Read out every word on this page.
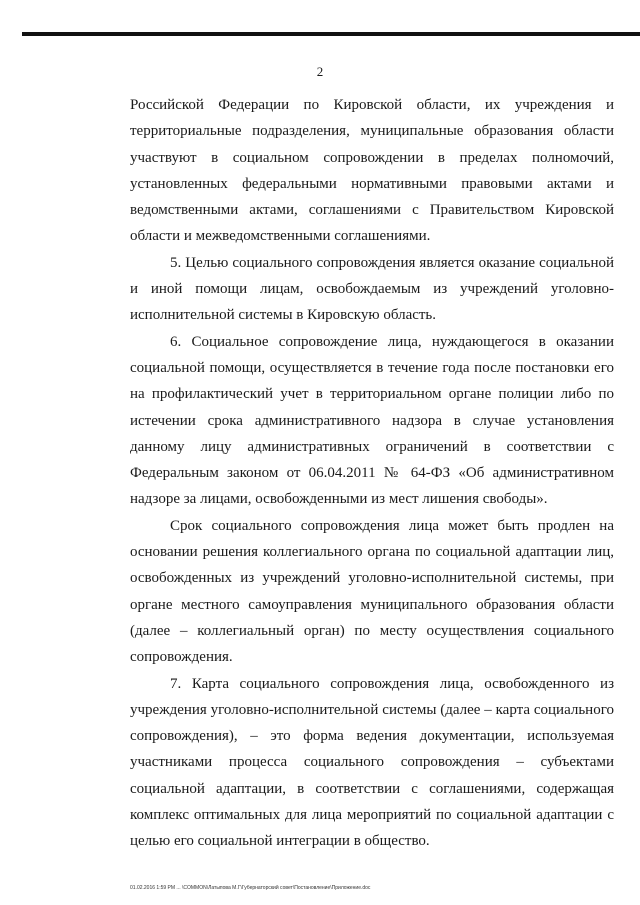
2

Российской Федерации по Кировской области, их учреждения и территориальные подразделения, муниципальные образования области участвуют в социальном сопровождении в пределах полномочий, установленных федеральными нормативными правовыми актами и ведомственными актами, соглашениями с Правительством Кировской области и межведомственными соглашениями.

5. Целью социального сопровождения является оказание социальной и иной помощи лицам, освобождаемым из учреждений уголовно-исполнительной системы в Кировскую область.

6. Социальное сопровождение лица, нуждающегося в оказании социальной помощи, осуществляется в течение года после постановки его на профилактический учет в территориальном органе полиции либо по истечении срока административного надзора в случае установления данному лицу административных ограничений в соответствии с Федеральным законом от 06.04.2011 № 64-ФЗ «Об административном надзоре за лицами, освобожденными из мест лишения свободы».

Срок социального сопровождения лица может быть продлен на основании решения коллегиального органа по социальной адаптации лиц, освобожденных из учреждений уголовно-исполнительной системы, при органе местного самоуправления муниципального образования области (далее – коллегиальный орган) по месту осуществления социального сопровождения.

7. Карта социального сопровождения лица, освобожденного из учреждения уголовно-исполнительной системы (далее – карта социального сопровождения), – это форма ведения документации, используемая участниками процесса социального сопровождения – субъектами социальной адаптации, в соответствии с соглашениями, содержащая комплекс оптимальных для лица мероприятий по социальной адаптации с целью его социальной интеграции в общество.

01.02.2016 1:59 PM ... \COMMON\Латыпова М.Г\Губернаторский совет\Постановление\Приложение.doc
